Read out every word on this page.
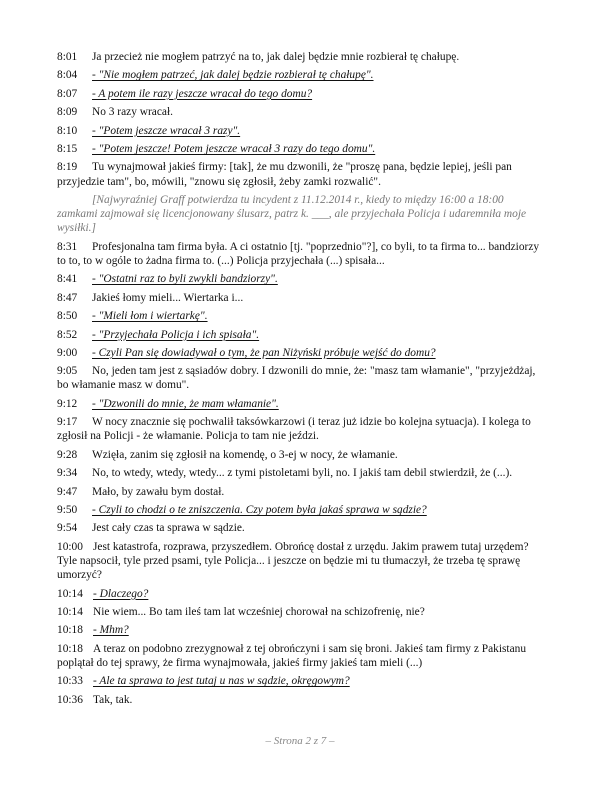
8:01 Ja przecież nie mogłem patrzyć na to, jak dalej będzie mnie rozbierał tę chałupę.
8:04 - "Nie mogłem patrzeć, jak dalej będzie rozbierał tę chałupę".
8:07 - A potem ile razy jeszcze wracał do tego domu?
8:09 No 3 razy wracał.
8:10 - "Potem jeszcze wracał 3 razy".
8:15 - "Potem jeszcze! Potem jeszcze wracał 3 razy do tego domu".
8:19 Tu wynajmował jakieś firmy: [tak], że mu dzwonili, że "proszę pana, będzie lepiej, jeśli pan przyjedzie tam", bo, mówili, "znowu się zgłosił, żeby zamki rozwalić".
[Najwyraźniej Graff potwierdza tu incydent z 11.12.2014 r., kiedy to między 16:00 a 18:00 zamkami zajmował się licencjonowany ślusarz, patrz k. ___, ale przyjechała Policja i udaremniła moje wysiłki.]
8:31 Profesjonalna tam firma była. A ci ostatnio [tj. "poprzednio"?], co byli, to ta firma to... bandziorzy to to, to w ogóle to żadna firma to. (...) Policja przyjechała (...) spisała...
8:41 - "Ostatni raz to byli zwykli bandziorzy".
8:47 Jakieś łomy mieli... Wiertarka i...
8:50 - "Mieli łom i wiertarkę".
8:52 - "Przyjechała Policja i ich spisała".
9:00 - Czyli Pan się dowiadywał o tym, że pan Niżyński próbuje wejść do domu?
9:05 No, jeden tam jest z sąsiadów dobry. I dzwonili do mnie, że: "masz tam włamanie", "przyjeżdżaj, bo włamanie masz w domu".
9:12 - "Dzwonili do mnie, że mam włamanie".
9:17 W nocy znacznie się pochwalił taksówkarzowi (i teraz już idzie bo kolejna sytuacja). I kolega to zgłosił na Policji - że włamanie. Policja to tam nie jeździ.
9:28 Wzięła, zanim się zgłosił na komendę, o 3-ej w nocy, że włamanie.
9:34 No, to wtedy, wtedy, wtedy... z tymi pistoletami byli, no. I jakiś tam debil stwierdził, że (...).
9:47 Mało, by zawału bym dostał.
9:50 - Czyli to chodzi o te zniszczenia. Czy potem była jakaś sprawa w sądzie?
9:54 Jest cały czas ta sprawa w sądzie.
10:00 Jest katastrofa, rozprawa, przyszedłem. Obrońcę dostał z urzędu. Jakim prawem tutaj urzędem? Tyle napsocił, tyle przed psami, tyle Policja... i jeszcze on będzie mi tu tłumaczył, że trzeba tę sprawę umorzyć?
10:14 - Dlaczego?
10:14 Nie wiem... Bo tam ileś tam lat wcześniej chorował na schizofrenię, nie?
10:18 - Mhm?
10:18 A teraz on podobno zrezygnował z tej obrończyni i sam się broni. Jakieś tam firmy z Pakistanu poplątał do tej sprawy, że firma wynajmowała, jakieś firmy jakieś tam mieli (...)
10:33 - Ale ta sprawa to jest tutaj u nas w sądzie, okręgowym?
10:36 Tak, tak.
– Strona 2 z 7 –
